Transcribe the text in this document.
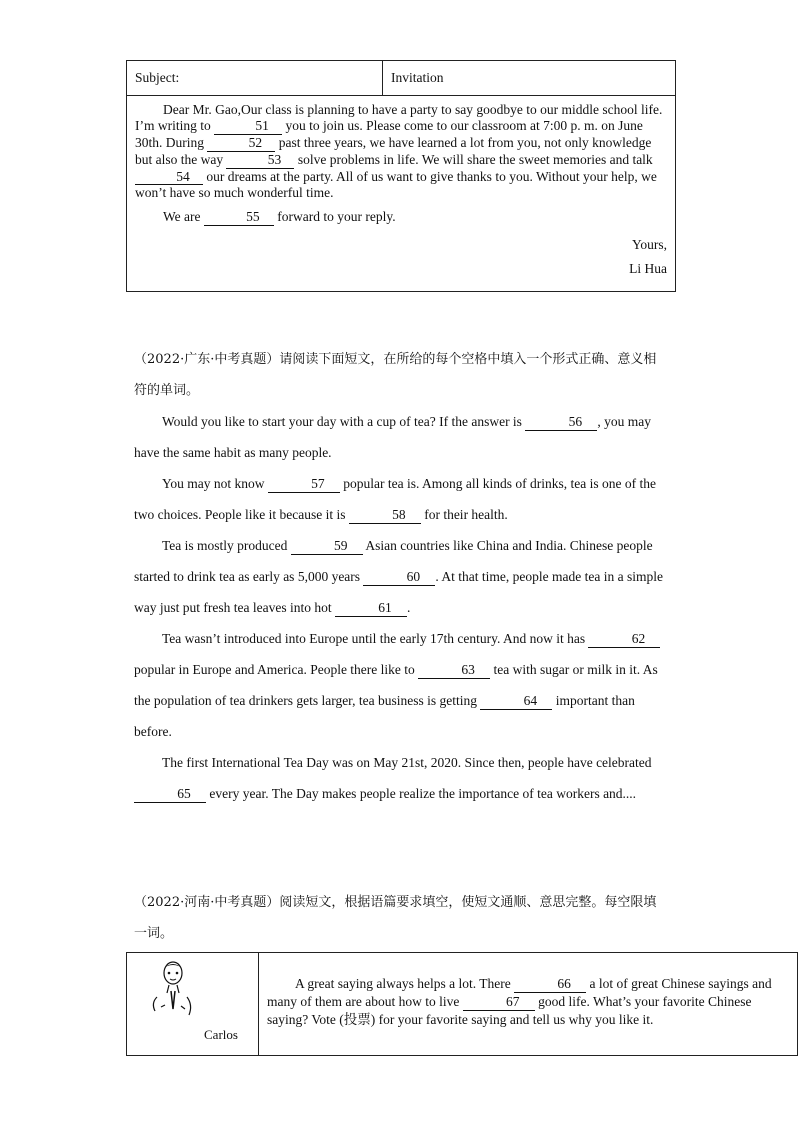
Subject:	Invitation

Dear Mr. Gao,Our class is planning to have a party to say goodbye to our middle school life. I’m writing to	51 you to join us. Please come to our classroom at 7:00 p. m. on June 30th. During	52 past three years, we have learned a lot from you, not only knowledge but also the way	53 solve problems in life. We will share the sweet memories and talk 54 our dreams at the party. All of us want to give thanks to you. Without your help, we won’t have so much wonderful time.

We are	55 forward to your reply.

Yours,
Li Hua

（2022·广东·中考真题）请阅读下面短文，在所给的每个空格中填入一个形式正确、意义相符的单词。

Would you like to start your day with a cup of tea? If the answer is	56 , you may have the same habit as many people.

You may not know	57 popular tea is. Among all kinds of drinks, tea is one of the two choices. People like it because it is	58 for their health.

Tea is mostly produced	59 Asian countries like China and India. Chinese people started to drink tea as early as 5,000 years	60 . At that time, people made tea in a simple way just put fresh tea leaves into hot	61 .

Tea wasn’t introduced into Europe until the early 17th century. And now it has	62 popular in Europe and America. People there like to	63 tea with sugar or milk in it. As the population of tea drinkers gets larger, tea business is getting	64 important than before.

The first International Tea Day was on May 21st, 2020. Since then, people have celebrated 65 every year. The Day makes people realize the importance of tea workers and....

（2022·河南·中考真题）阅读短文，根据语篇要求填空，使短文通顺、意思完整。每空限填一词。

Carlos

A great saying always helps a lot. There	66 a lot of great Chinese sayings and many of them are about how to live	67 good life. What’s your favorite Chinese saying? Vote (投票) for your favorite saying and tell us why you like it.
